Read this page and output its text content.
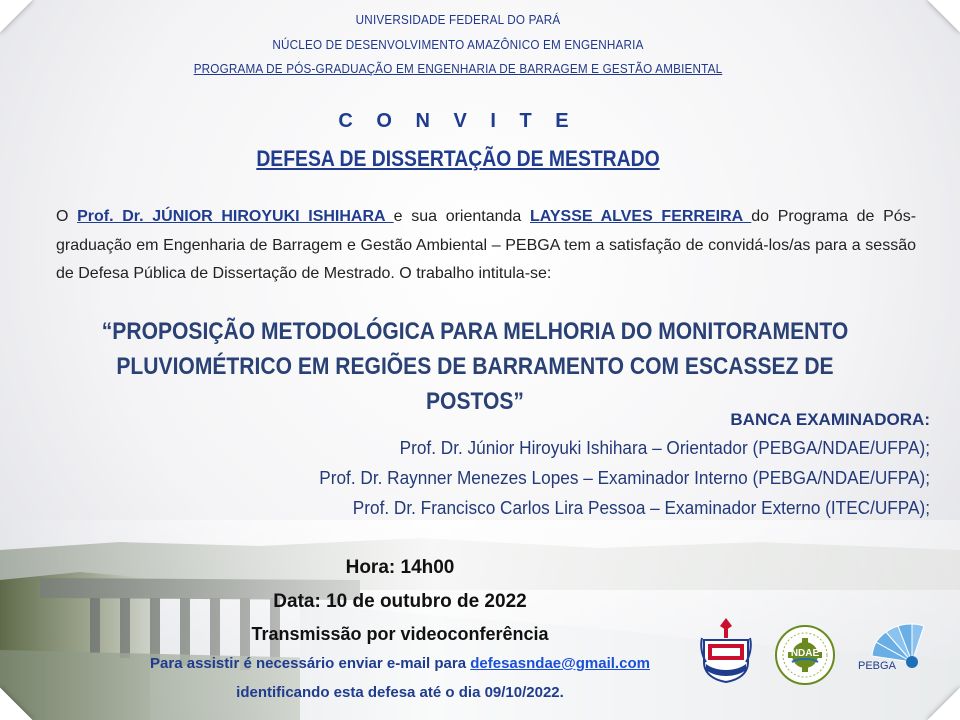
UNIVERSIDADE FEDERAL DO PARÁ
NÚCLEO DE DESENVOLVIMENTO AMAZÔNICO EM ENGENHARIA
PROGRAMA DE PÓS-GRADUAÇÃO EM ENGENHARIA DE BARRAGEM E GESTÃO AMBIENTAL
C O N V I T E
DEFESA DE DISSERTAÇÃO DE MESTRADO
O Prof. Dr. JÚNIOR HIROYUKI ISHIHARA e sua orientanda LAYSSE ALVES FERREIRA do Programa de Pós-graduação em Engenharia de Barragem e Gestão Ambiental – PEBGA tem a satisfação de convidá-los/as para a sessão de Defesa Pública de Dissertação de Mestrado. O trabalho intitula-se:
“PROPOSIÇÃO METODOLÓGICA PARA MELHORIA DO MONITORAMENTO
PLUVIOMÉTRICO EM REGIÕES DE BARRAMENTO COM ESCASSEZ DE POSTOS”
BANCA EXAMINADORA:
Prof. Dr. Júnior Hiroyuki Ishihara – Orientador (PEBGA/NDAE/UFPA);
Prof. Dr. Raynner Menezes Lopes – Examinador Interno (PEBGA/NDAE/UFPA);
Prof. Dr. Francisco Carlos Lira Pessoa – Examinador Externo (ITEC/UFPA);
Hora: 14h00
Data: 10 de outubro de 2022
Transmissão por videoconferência
Para assistir é necessário enviar e-mail para defesasndae@gmail.com
identificando esta defesa até o dia 09/10/2022.
NDAE
PEBGA
